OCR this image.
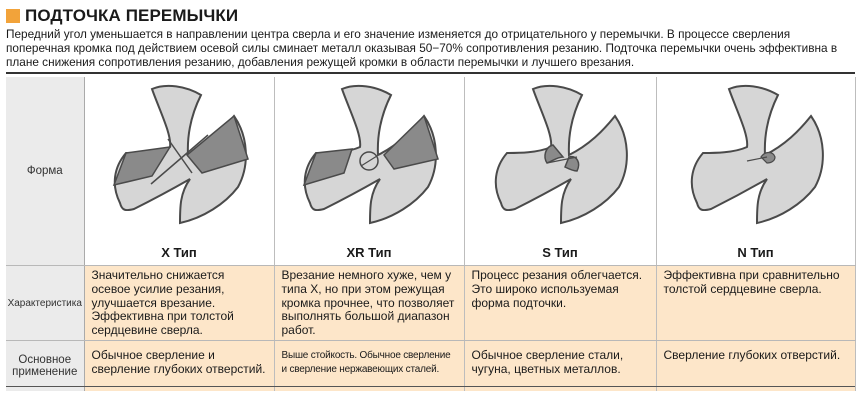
ПОДТОЧКА ПЕРЕМЫЧКИ
Передний угол уменьшается в направлении центра сверла и его значение изменяется до отрицательного у перемычки. В процессе сверления поперечная кромка под действием осевой силы сминает металл оказывая 50−70% сопротивления резанию. Подточка перемычки очень эффективна в плане снижения сопротивления резанию, добавления режущей кромки в области перемычки и лучшего врезания.
Форма	X Тип	XR Тип	S Тип	N Тип

Характеристика	Значительно снижается осевое усилие резания, улучшается врезание. Эффективна при толстой сердцевине сверла.	Врезание немного хуже, чем у типа X, но при этом режущая кромка прочнее, что позволяет выполнять большой диапазон работ.	Процесс резания облегчается. Это широко используемая форма подточки.	Эффективна при сравнительно толстой сердцевине сверла.
Основное применение	Обычное сверление и сверление глубоких отверстий.	Выше стойкость. Обычное сверление и сверление нержавеющих сталей.	Обычное сверление стали, чугуна, цветных металлов.	Сверление глубоких отверстий.
